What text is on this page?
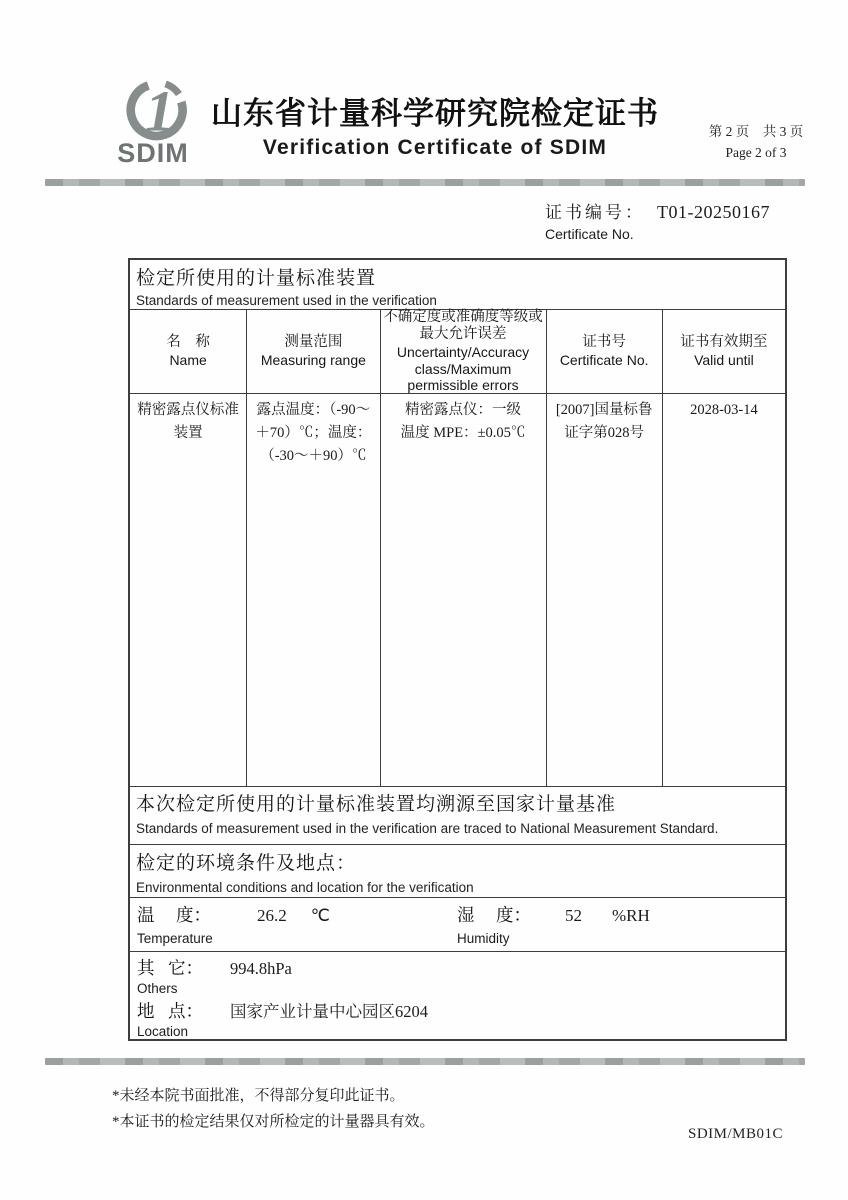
1
SDIM
山东省计量科学研究院检定证书
Verification Certificate of SDIM
第 2 页　共 3 页
Page 2 of 3
证书编号： T01-20250167
Certificate No.
检定所使用的计量标准装置
Standards of measurement used in the verification
名　称
Name
测量范围
Measuring range
不确定度或准确度等级或最大允许误差
Uncertainty/Accuracy class/Maximum permissible errors
证书号
Certificate No.
证书有效期至
Valid until
精密露点仪标准装置
露点温度：（-90～＋70）℃；温度：（-30～＋90）℃
精密露点仪：一级
温度 MPE：±0.05℃
[2007]国量标鲁证字第028号
2028-03-14
本次检定所使用的计量标准装置均溯源至国家计量基准
Standards of measurement used in the verification are traced to National Measurement Standard.
检定的环境条件及地点：
Environmental conditions and location for the verification
温 度：	26.2 ℃
Temperature
湿 度： 52 %RH
Humidity
其 它： 994.8hPa
Others
地 点： 国家产业计量中心园区6204
Location
*未经本院书面批准，不得部分复印此证书。
*本证书的检定结果仅对所检定的计量器具有效。
SDIM/MB01C
